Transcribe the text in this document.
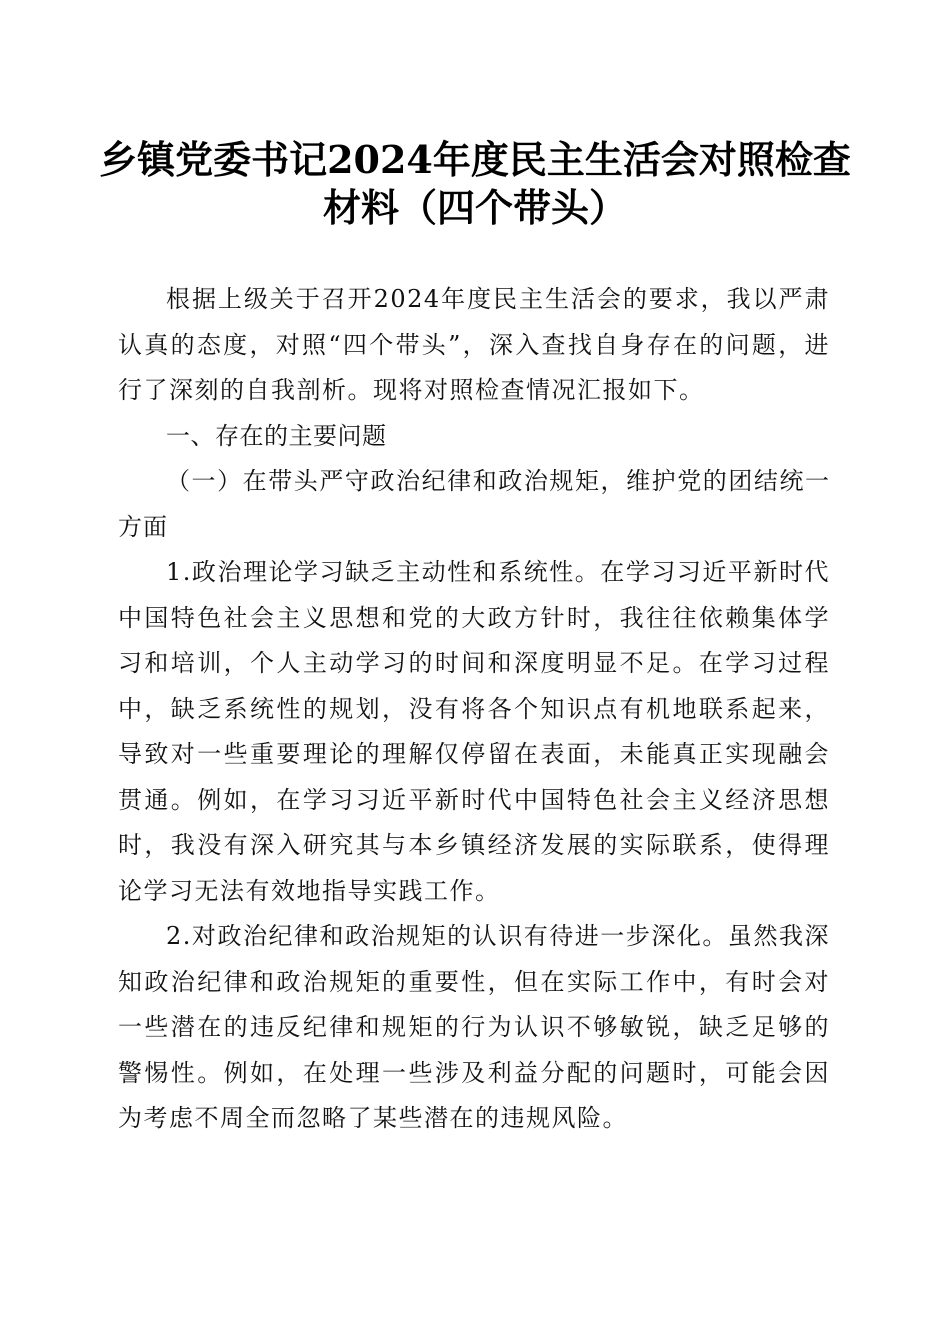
乡镇党委书记2024年度民主生活会对照检查
材料（四个带头）

根据上级关于召开2024年度民主生活会的要求，我以严肃认真的态度，对照“四个带头”，深入查找自身存在的问题，进行了深刻的自我剖析。现将对照检查情况汇报如下。

一、存在的主要问题

（一）在带头严守政治纪律和政治规矩，维护党的团结统一方面

1.政治理论学习缺乏主动性和系统性。在学习习近平新时代中国特色社会主义思想和党的大政方针时，我往往依赖集体学习和培训，个人主动学习的时间和深度明显不足。在学习过程中，缺乏系统性的规划，没有将各个知识点有机地联系起来，导致对一些重要理论的理解仅停留在表面，未能真正实现融会贯通。例如，在学习习近平新时代中国特色社会主义经济思想时，我没有深入研究其与本乡镇经济发展的实际联系，使得理论学习无法有效地指导实践工作。

2.对政治纪律和政治规矩的认识有待进一步深化。虽然我深知政治纪律和政治规矩的重要性，但在实际工作中，有时会对一些潜在的违反纪律和规矩的行为认识不够敏锐，缺乏足够的警惕性。例如，在处理一些涉及利益分配的问题时，可能会因为考虑不周全而忽略了某些潜在的违规风险。
